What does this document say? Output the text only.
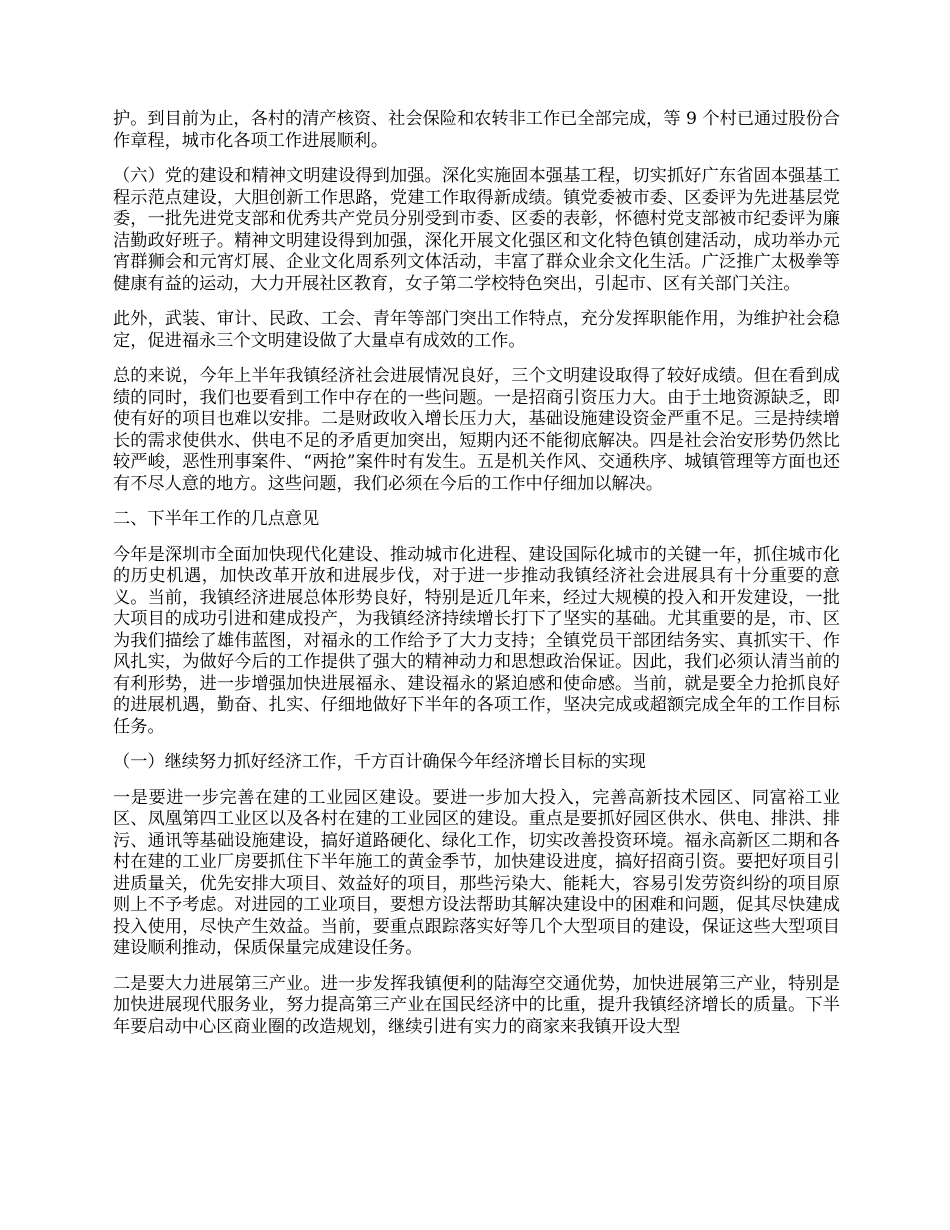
护。到目前为止，各村的清产核资、社会保险和农转非工作已全部完成，等 9 个村已通过股份合作章程，城市化各项工作进展顺利。

（六）党的建设和精神文明建设得到加强。深化实施固本强基工程，切实抓好广东省固本强基工程示范点建设，大胆创新工作思路，党建工作取得新成绩。镇党委被市委、区委评为先进基层党委，一批先进党支部和优秀共产党员分别受到市委、区委的表彰，怀德村党支部被市纪委评为廉洁勤政好班子。精神文明建设得到加强，深化开展文化强区和文化特色镇创建活动，成功举办元宵群狮会和元宵灯展、企业文化周系列文体活动，丰富了群众业余文化生活。广泛推广太极拳等健康有益的运动，大力开展社区教育，女子第二学校特色突出，引起市、区有关部门关注。

此外，武装、审计、民政、工会、青年等部门突出工作特点，充分发挥职能作用，为维护社会稳定，促进福永三个文明建设做了大量卓有成效的工作。

总的来说，今年上半年我镇经济社会进展情况良好，三个文明建设取得了较好成绩。但在看到成绩的同时，我们也要看到工作中存在的一些问题。一是招商引资压力大。由于土地资源缺乏，即使有好的项目也难以安排。二是财政收入增长压力大，基础设施建设资金严重不足。三是持续增长的需求使供水、供电不足的矛盾更加突出，短期内还不能彻底解决。四是社会治安形势仍然比较严峻，恶性刑事案件、“两抢”案件时有发生。五是机关作风、交通秩序、城镇管理等方面也还有不尽人意的地方。这些问题，我们必须在今后的工作中仔细加以解决。

二、下半年工作的几点意见

今年是深圳市全面加快现代化建设、推动城市化进程、建设国际化城市的关键一年，抓住城市化的历史机遇，加快改革开放和进展步伐，对于进一步推动我镇经济社会进展具有十分重要的意义。当前，我镇经济进展总体形势良好，特别是近几年来，经过大规模的投入和开发建设，一批大项目的成功引进和建成投产，为我镇经济持续增长打下了坚实的基础。尤其重要的是，市、区为我们描绘了雄伟蓝图，对福永的工作给予了大力支持；全镇党员干部团结务实、真抓实干、作风扎实，为做好今后的工作提供了强大的精神动力和思想政治保证。因此，我们必须认清当前的有利形势，进一步增强加快进展福永、建设福永的紧迫感和使命感。当前，就是要全力抢抓良好的进展机遇，勤奋、扎实、仔细地做好下半年的各项工作，坚决完成或超额完成全年的工作目标任务。

（一）继续努力抓好经济工作，千方百计确保今年经济增长目标的实现

一是要进一步完善在建的工业园区建设。要进一步加大投入，完善高新技术园区、同富裕工业区、凤凰第四工业区以及各村在建的工业园区的建设。重点是要抓好园区供水、供电、排洪、排污、通讯等基础设施建设，搞好道路硬化、绿化工作，切实改善投资环境。福永高新区二期和各村在建的工业厂房要抓住下半年施工的黄金季节，加快建设进度，搞好招商引资。要把好项目引进质量关，优先安排大项目、效益好的项目，那些污染大、能耗大，容易引发劳资纠纷的项目原则上不予考虑。对进园的工业项目，要想方设法帮助其解决建设中的困难和问题，促其尽快建成投入使用，尽快产生效益。当前，要重点跟踪落实好等几个大型项目的建设，保证这些大型项目建设顺利推动，保质保量完成建设任务。

二是要大力进展第三产业。进一步发挥我镇便利的陆海空交通优势，加快进展第三产业，特别是加快进展现代服务业，努力提高第三产业在国民经济中的比重，提升我镇经济增长的质量。下半年要启动中心区商业圈的改造规划，继续引进有实力的商家来我镇开设大型
